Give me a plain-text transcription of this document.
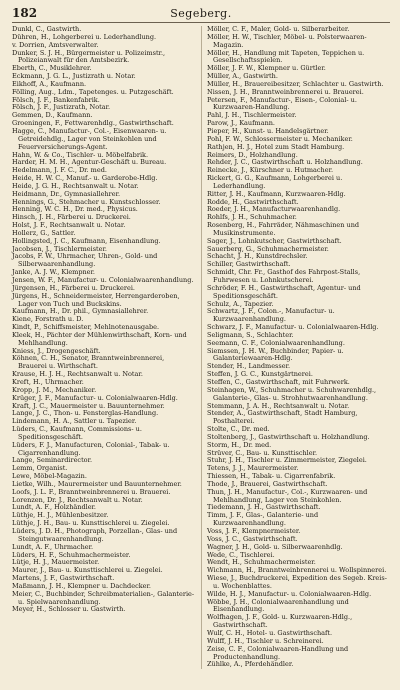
182	Segeberg.
Dunkl, C., Gastwirth.
Dühren, H., Lohgerberei u. Lederhandlung.
v. Dorrien, Amtsverwalter.
Dunker, S. J. H., Bürgermeister u. Polizeimstr., Polizeianwalt für den Amtsbezirk.
Eberth, C., Musiklehrer.
Eckmann, J. G. L., Justizrath u. Notar.
Eikhoff, A., Kaufmann.
Fölling, Aug., Ldm., Tapetenges. u. Putzgeschäft.
Fölsch, J. F., Bankenfabrik.
Fölsch, J. F., Justizrath, Notar.
Gemmen, D., Kaufmann.
Groeningen, F., Fettwarenhdlg., Gastwirthschaft.
Hagge, C., Manufactur-, Col.-, Eisenwaaren- u. Getreidehdlg., Lager von Steinkohlen und Feuerversicherungs-Agent.
Hahn, W. & Co., Tischler- u. Möbelfabrik.
Harder, H. M. H., Agentur-Geschäft u. Bureau.
Hedelmann, J. F. C., Dr. med.
Heide, H. W. C., Manuf.- u. Garderobe-Hdlg.
Heide, J. G. H., Rechtsanwalt u. Notar.
Heidmann, Dr., Gymnasiallehrer.
Hennings, G., Stehmacher u. Kunstschlosser.
Henning, W. C. H., Dr. med., Physicus.
Hinsch, J. H., Färberei u. Druckerei.
Holst, J. F., Rechtsanwalt u. Notar.
Hollerz, G., Sattler.
Hollingsted, J. C., Kaufmann, Eisenhandlung.
Jacobsen, J., Tischlermeister.
Jacobs, F. W., Uhrmacher, Uhren-, Gold- und Silberwaarenhandlung.
Janke, A. J. W., Klempner.
Jensen, W. F., Manufactur- u. Colonialwaarenhandlung.
Jürgensen, H., Färberei u. Druckerei.
Jürgens, H., Schneidermeister, Herrengarderoben, Lager von Tuch und Buckskins.
Kaufmann, H., Dr. phil., Gymnasiallehrer.
Kiene, Forstrath u. D.
Kindt, P., Schiffsmeister, Mehlnotenausgabe.
Kleek, H., Pächter der Mühlenwirthschaft, Korn- und Mehlhandlung.
Kniess, J., Drogengeschäft.
Köhnen, C. H., Senator, Branntweinbrennerei, Brauerei u. Wirthschaft.
Krause, H. J. H., Rechtsanwalt u. Notar.
Kreft, H., Uhrmacher.
Kropp, J. M., Mechaniker.
Krüger, J. F., Manufactur- u. Colonialwaaren-Hdlg.
Kraft, J. C., Mauermeister u. Bauunternehmer.
Lange, J. C., Thon- u. Fensterglas-Handlung.
Lindemann, H. A., Sattler u. Tapezier.
Lüders, C., Kaufmann, Commissions- u. Speditionsgeschäft.
Lüders, F. J., Manufacturen, Colonial-, Tabak- u. Cigarrenhandlung.
Lange, Seminardirector.
Lemm, Organist.
Lewe, Möbel-Magazin.
Lietke, Wilh., Maurermeister und Bauunternehmer.
Loofs, J. L. F., Branntweinbrennerei u. Brauerei.
Lorenzen, Dr. J., Rechtsanwalt u. Notar.
Lundt, A. F., Holzhändler.
Lüthje, H. J., Mühlenbesitzer.
Lüthje, J. H., Bau- u. Kunsttischlerei u. Ziegelei.
Lüders, J. D. H., Photograph, Porzellan-, Glas- und Steingutwaarenhandlung.
Lundt, A. F., Uhrmacher.
Lüders, H. F., Schuhmachermeister.
Lütje, H. J., Mauermeister.
Maurer, J., Bau- u. Kunsttischlerei u. Ziegelei.
Martens, J. F., Gastwirthschaft.
Maßmann, J. H., Klempner u. Dachdecker.
Meier, C., Buchbinder, Schreibmaterialien-, Galanterie- u. Spielwaarenhandlung.
Meyer, H., Schlosser u. Gastwirth.
Möller, C. F., Maler, Gold- u. Silberarbeiter.
Möller, H. W., Tischler, Möbel- u. Polsterwaaren-Magazin.
Möller, H., Handlung mit Tapeten, Teppichen u. Gesellschaftsspielen.
Möller, J. F. W., Klempner u. Gürtler.
Müller, A., Gastwirth.
Müller, H., Brauereibesitzer, Schlachter u. Gastwirth.
Nissen, J. H., Branntweinbrennerei u. Brauerei.
Petersen, F., Manufactur-, Eisen-, Colonial- u. Kurzwaaren-Handlung.
Pahl, J. H., Tischlermeister.
Parow, J., Kaufmann.
Pieper, H., Kunst- u. Handelsgärtner.
Pohl, F. W., Schlossermeister u. Mechaniker.
Rathjen, H. J., Hotel zum Stadt Hamburg.
Reimers, D., Holzhandlung.
Rehder, J. C., Gastwirthschaft u. Holzhandlung.
Reinecke, J., Kürschner u. Hutmacher.
Rickert, G. G., Kaufmann, Lohgerberei u. Lederhandlung.
Ritter, J. H., Kaufmann, Kurzwaaren-Hdlg.
Rodde, H., Gastwirthschaft.
Roeder, J. H., Manufacturwaarenhandlg.
Rohlfs, J. H., Schuhmacher.
Rosenberg, H., Fahrräder, Nähmaschinen und Musikinstrumente.
Sager, J., Lohnkutscher, Gastwirthschaft.
Sauerberg, G., Schuhmachermeister.
Schacht, J. H., Kunstdrechsler.
Schiller, Gastwirthschaft.
Schmidt, Chr. Fr., Gasthof des Fahrpost-Stalls, Fuhrwesen u. Lohnkutscherei.
Schröder, F. H., Gastwirthschaft, Agentur- und Speditionsgeschäft.
Schulz, A., Tapezier.
Schwartz, J. F., Colon.-, Manufactur- u. Kurzwaarenhandlung.
Schwarz, J. F., Manufactur- u. Colonialwaaren-Hdlg.
Seligmann, S., Schlachter.
Seemann, C. F., Colonialwaarenhandlung.
Siemssen, J. H. W., Buchbinder, Papier- u. Galanteriewaaren-Hdlg.
Stender, H., Landmesser.
Steffen, J. G. C., Kunstgärtnerei.
Steffen, C., Gastwirthschaft, mit Fuhrwerk.
Steinhagen, W., Schuhmacher u. Schuhwarenhdlg., Galanterie-, Glas- u. Strohhutwaarenhandlung.
Stemmann, J. A. H., Rechtsanwalt u. Notar.
Stender, A., Gastwirthschaft, Stadt Hamburg, Posthalterei.
Stolte, C., Dr. med.
Stoltenberg, J., Gastwirthschaft u. Holzhandlung.
Storm, H., Dr. med.
Strüver, C., Bau- u. Kunsttischler.
Stuhr, J. H., Tischler u. Zimmermeister, Ziegelei.
Tetens, J. J., Maurermeister.
Thiessen, H., Tabak- u. Cigarrenfabrik.
Thode, J., Brauerei, Gastwirthschaft.
Thun, J. H., Manufactur-, Col.-, Kurzwaaren- und Mehlhandlung, Lager von Steinkohlen.
Tiedemann, J. H., Gastwirthschaft.
Timm, J. F., Glas-, Galanterie- und Kurzwaarenhandlung.
Voss, J. F., Klempnermeister.
Voss, J. C., Gastwirthschaft.
Wagner, J. H., Gold- u. Silberwaarenhdlg.
Wede, C., Tischlerei.
Wendt, H., Schuhmachermeister.
Wichmann, H., Branntweinbrennerei u. Wollspinnerei.
Wiese, J., Buchdruckerei, Expedition des Segeb. Kreis- u. Wochenblattes.
Wilde, H. J., Manufactur- u. Colonialwaaren-Hdlg.
Wöbbe, J. H., Colonialwaarenhandlung und Eisenhandlung.
Wolfhagen, J. F., Gold- u. Kurzwaaren-Hdlg., Gastwirthschaft.
Wulf, C. H., Hotel- u. Gastwirthschaft.
Wulff, J. H., Tischler u. Schreinerei.
Zeise, C. F., Colonialwaaren-Handlung und Productenhandlung.
Zühlke, A., Pferdehändler.
